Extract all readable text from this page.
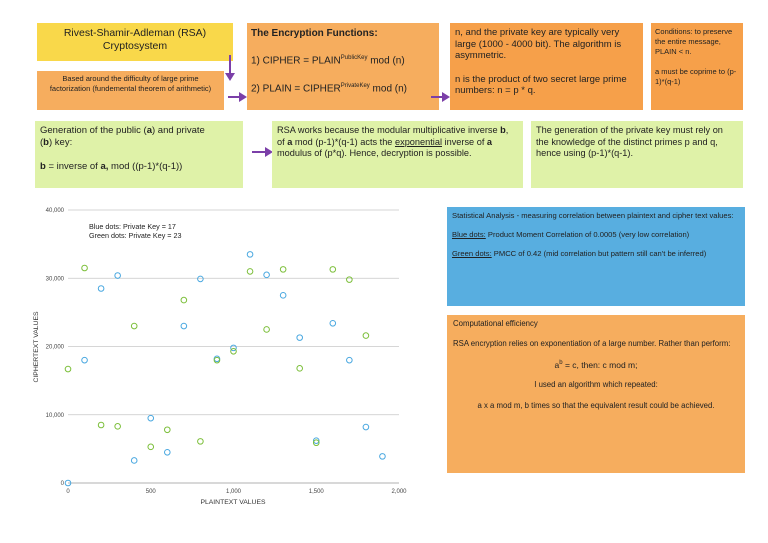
Rivest-Shamir-Adleman (RSA)
Cryptosystem
Based around the difficulty of large prime factorization (fundemental theorem of arithmetic)
The Encryption Functions:
1) CIPHER = $PLAIN^{PublicKey}$ mod (n)
2) PLAIN = $CIPHER^{PrivateKey}$ mod (n)

n, and the private key are typically very large (1000 - 4000 bit). The algorithm is asymmetric.

n is the product of two secret large prime numbers: n = p * q.

Conditions: to preserve the entire message, PLAIN < n.

a must be coprime to (p-1)*(q-1)

Generation of the public (a) and private
(b) key:
b = inverse of a, mod ((p-1)*(q-1))
RSA works because the modular multiplicative inverse b, of a mod (p-1)*(q-1) acts the exponential inverse of a modulus of (p*q). Hence, decryption is possible.
The generation of the private key must rely on the knowledge of the distinct primes p and q, hence using (p-1)*(q-1).

Statistical Analysis - measuring correlation between plaintext and cipher text values:

Blue dots: Product Moment Correlation of 0.0005 (very low correlation)

Green dots: PMCC of 0.42 (mid correlation but pattern still can't be inferred)

Computational efficiency

RSA encryption relies on exponentiation of a large number. Rather than perform:

$a^b = c$, then: c mod m;

I used an algorithm which repeated:

a x a mod m, b times so that the equivalent result could be achieved.

0
10,000
20,000
30,000
40,000
0	500	1,000	1,500	2,000
Blue dots: Private Key = 17
Green dots: Private Key = 23
PLAINTEXT VALUES
CIPHERTEXT VALUES
